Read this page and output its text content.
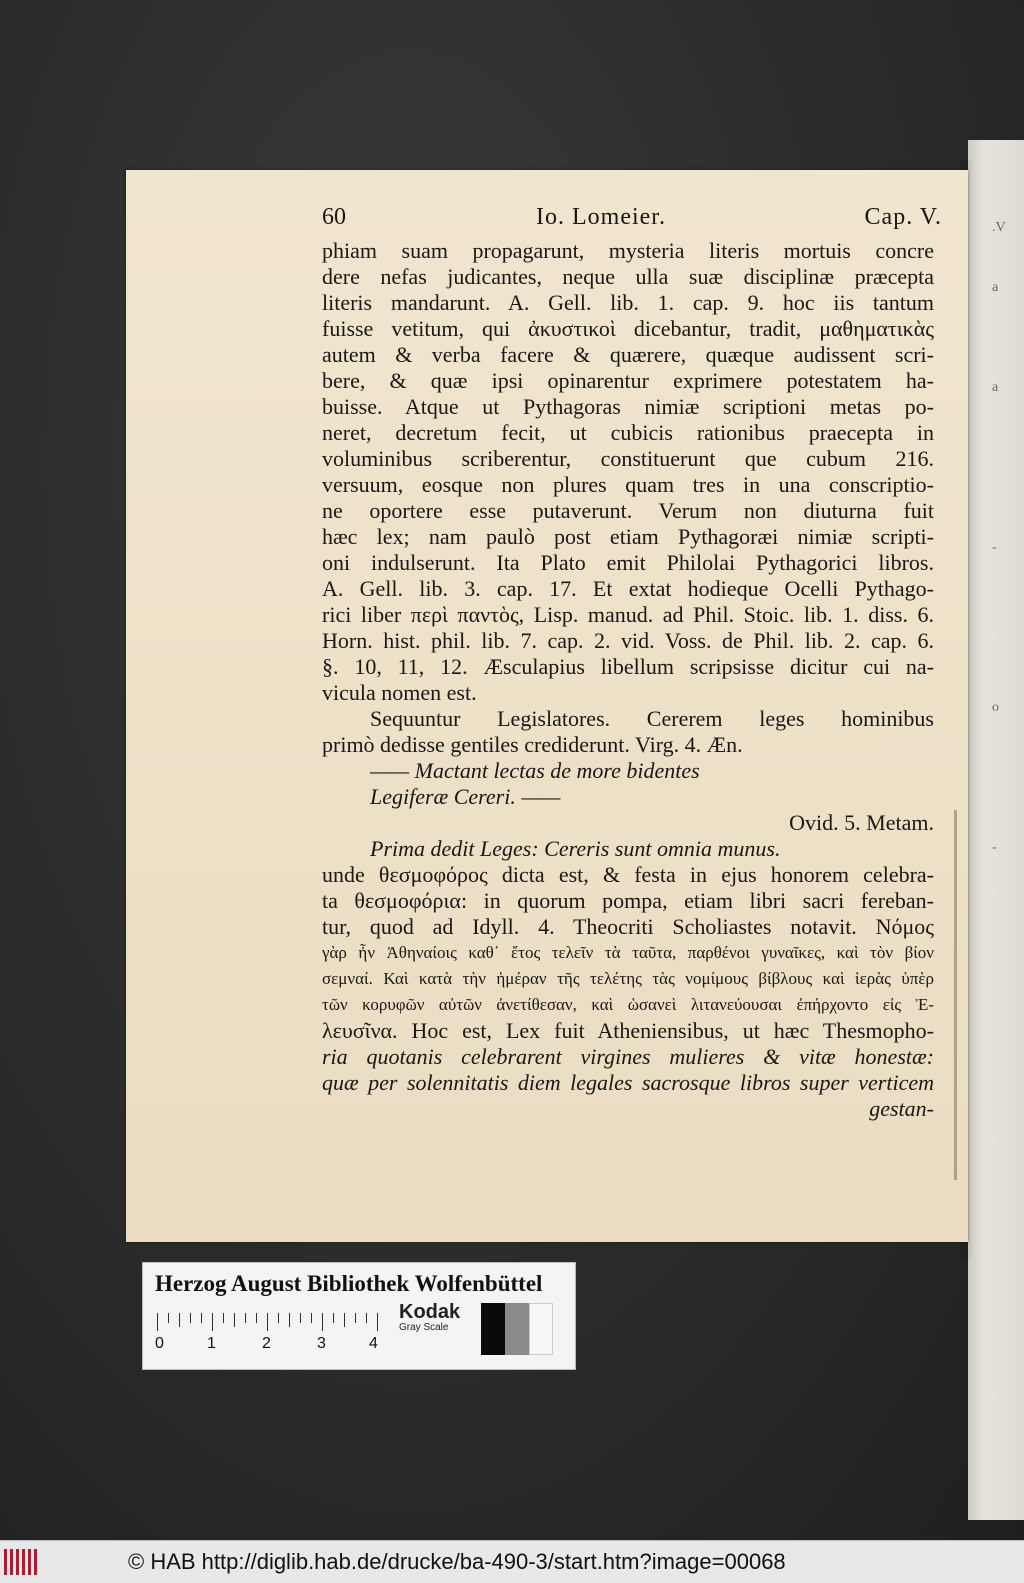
.V
a
a
-
o
-
60	Io. Lomeier.	Cap. V.
phiam suam propagarunt, mysteria literis mortuis concre
dere nefas judicantes, neque ulla suæ disciplinæ præcepta
literis mandarunt. A. Gell. lib. 1. cap. 9. hoc iis tantum
fuisse vetitum, qui ἀκυστικοὶ dicebantur, tradit, μαθηματικὰς
autem & verba facere & quærere, quæque audissent scri-
bere, & quæ ipsi opinarentur exprimere potestatem ha-
buisse. Atque ut Pythagoras nimiæ scriptioni metas po-
neret, decretum fecit, ut cubicis rationibus praecepta in
voluminibus scriberentur, constituerunt que cubum 216.
versuum, eosque non plures quam tres in una conscriptio-
ne oportere esse putaverunt. Verum non diuturna fuit
hæc lex; nam paulò post etiam Pythagoræi nimiæ scripti-
oni indulserunt. Ita Plato emit Philolai Pythagorici libros.
A. Gell. lib. 3. cap. 17. Et extat hodieque Ocelli Pythago-
rici liber περὶ παντὸς, Lisp. manud. ad Phil. Stoic. lib. 1. diss. 6.
Horn. hist. phil. lib. 7. cap. 2. vid. Voss. de Phil. lib. 2. cap. 6.
§. 10, 11, 12. Æsculapius libellum scripsisse dicitur cui na-
vicula nomen est.
Sequuntur Legislatores. Cererem leges hominibus
primò dedisse gentiles crediderunt. Virg. 4. Æn.
—— Mactant lectas de more bidentes
Legiferæ Cereri. ——
Ovid. 5. Metam.
Prima dedit Leges: Cereris sunt omnia munus.
unde θεσμοφόρος dicta est, & festa in ejus honorem celebra-
ta θεσμοφόρια: in quorum pompa, etiam libri sacri fereban-
tur, quod ad Idyll. 4. Theocriti Scholiastes notavit. Νόμος
γὰρ ἦν Ἀθηναίοις καθ᾽ ἔτος τελεῖν τὰ ταῦτα, παρθένοι γυναῖκες, καὶ τὸν βίον
σεμναί. Καὶ κατὰ τὴν ἡμέραν τῆς τελέτης τὰς νομίμους βίβλους καὶ ἱερὰς ὑπὲρ
τῶν κορυφῶν αὐτῶν ἀνετίθεσαν, καὶ ὡσανεὶ λιτανεύουσαι ἐπήρχοντο εἰς Ἐ-
λευσῖνα. Hoc est, Lex fuit Atheniensibus, ut hæc Thesmopho-
ria quotanis celebrarent virgines mulieres & vitæ honestæ:
quæ per solennitatis diem legales sacrosque libros super verticem
gestan-
Herzog August Bibliothek Wolfenbüttel
0	1	2	3	4
Kodak
Gray Scale
© HAB http://diglib.hab.de/drucke/ba-490-3/start.htm?image=00068
